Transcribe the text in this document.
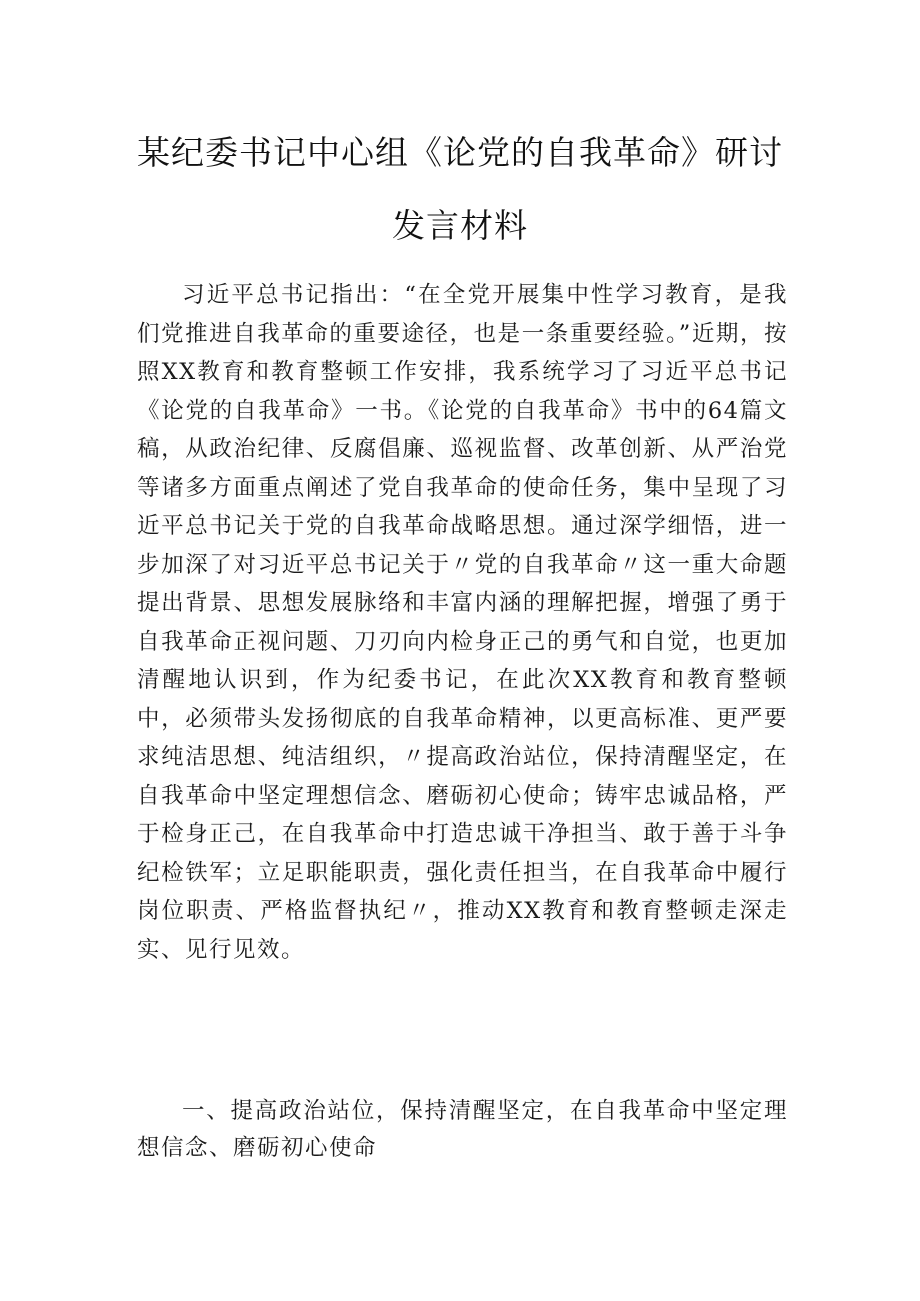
某纪委书记中心组《论党的自我革命》研讨
发言材料

习近平总书记指出：“在全党开展集中性学习教育，是我们党推进自我革命的重要途径，也是一条重要经验。”近期，按照XX教育和教育整顿工作安排，我系统学习了习近平总书记《论党的自我革命》一书。《论党的自我革命》书中的64篇文稿，从政治纪律、反腐倡廉、巡视监督、改革创新、从严治党等诸多方面重点阐述了党自我革命的使命任务，集中呈现了习近平总书记关于党的自我革命战略思想。通过深学细悟，进一步加深了对习近平总书记关于〃党的自我革命〃这一重大命题提出背景、思想发展脉络和丰富内涵的理解把握，增强了勇于自我革命正视问题、刀刃向内检身正己的勇气和自觉，也更加清醒地认识到，作为纪委书记，在此次XX教育和教育整顿中，必须带头发扬彻底的自我革命精神，以更高标准、更严要求纯洁思想、纯洁组织，〃提高政治站位，保持清醒坚定，在自我革命中坚定理想信念、磨砺初心使命；铸牢忠诚品格，严于检身正己，在自我革命中打造忠诚干净担当、敢于善于斗争纪检铁军；立足职能职责，强化责任担当，在自我革命中履行岗位职责、严格监督执纪〃，推动XX教育和教育整顿走深走实、见行见效。

一、提高政治站位，保持清醒坚定，在自我革命中坚定理想信念、磨砺初心使命
